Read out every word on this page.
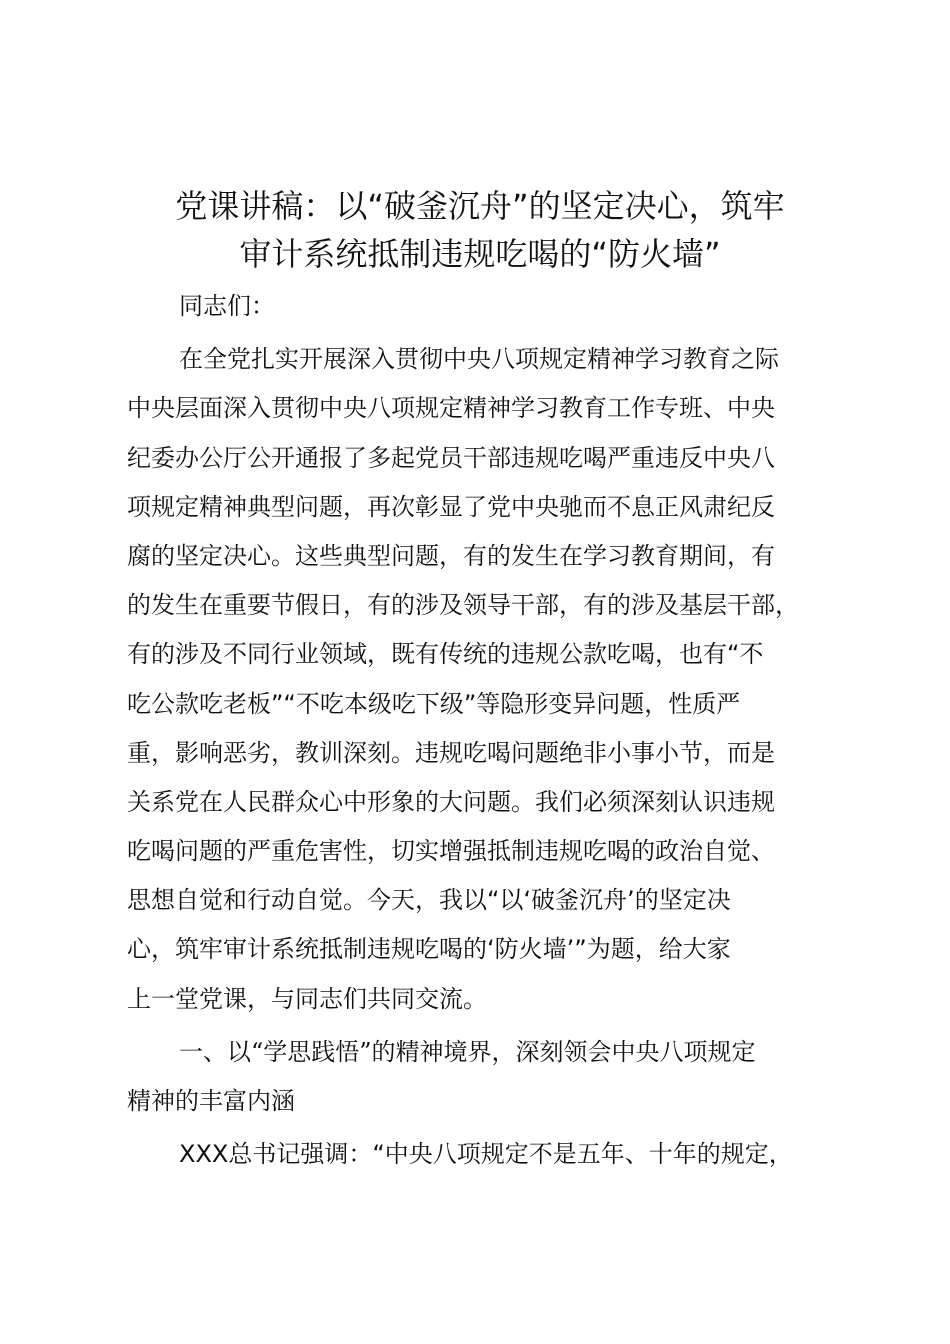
党课讲稿：以“破釜沉舟”的坚定决心，筑牢
审计系统抵制违规吃喝的“防火墙”
同志们：
在全党扎实开展深入贯彻中央八项规定精神学习教育之际
中央层面深入贯彻中央八项规定精神学习教育工作专班、中央
纪委办公厅公开通报了多起党员干部违规吃喝严重违反中央八
项规定精神典型问题，再次彰显了党中央驰而不息正风肃纪反
腐的坚定决心。这些典型问题，有的发生在学习教育期间，有
的发生在重要节假日，有的涉及领导干部，有的涉及基层干部，
有的涉及不同行业领域，既有传统的违规公款吃喝，也有“不
吃公款吃老板”“不吃本级吃下级”等隐形变异问题，性质严
重，影响恶劣，教训深刻。违规吃喝问题绝非小事小节，而是
关系党在人民群众心中形象的大问题。我们必须深刻认识违规
吃喝问题的严重危害性，切实增强抵制违规吃喝的政治自觉、
思想自觉和行动自觉。今天，我以“以‘破釜沉舟’的坚定决
心，筑牢审计系统抵制违规吃喝的‘防火墙’”为题，给大家
上一堂党课，与同志们共同交流。
一、以“学思践悟”的精神境界，深刻领会中央八项规定
精神的丰富内涵
XXX总书记强调：“中央八项规定不是五年、十年的规定，
